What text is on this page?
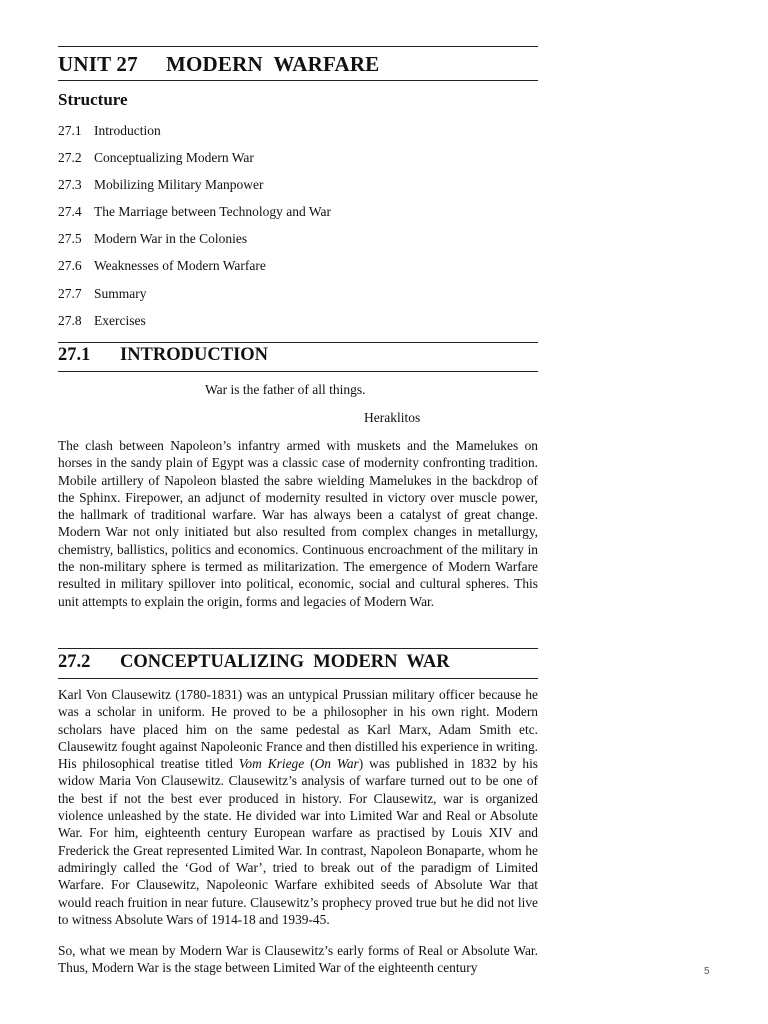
UNIT 27 MODERN  WARFARE
Structure
27.1 Introduction
27.2 Conceptualizing Modern War
27.3 Mobilizing Military Manpower
27.4 The Marriage between Technology and War
27.5 Modern War in the Colonies
27.6 Weaknesses of Modern Warfare
27.7 Summary
27.8 Exercises
27.1 INTRODUCTION
War is the father of all things.
Heraklitos

The clash between Napoleon’s infantry armed with muskets and the Mamelukes on horses in the sandy plain of Egypt was a classic case of modernity confronting tradition. Mobile artillery of Napoleon blasted the sabre wielding Mamelukes in the backdrop of the Sphinx. Firepower, an adjunct of modernity resulted in victory over muscle power, the hallmark of traditional warfare. War has always been a catalyst of great change. Modern War not only initiated but also resulted from complex changes in metallurgy, chemistry, ballistics, politics and economics. Continuous encroachment of the military in the non-military sphere is termed as militarization. The emergence of Modern Warfare resulted in military spillover into political, economic, social and cultural spheres. This unit attempts to explain the origin, forms and legacies of Modern War.

27.2 CONCEPTUALIZING  MODERN  WAR

Karl Von Clausewitz (1780-1831) was an untypical Prussian military officer because he was a scholar in uniform. He proved to be a philosopher in his own right. Modern scholars have placed him on the same pedestal as Karl Marx, Adam Smith etc. Clausewitz fought against Napoleonic France and then distilled his experience in writing. His philosophical treatise titled Vom Kriege (On War) was published in 1832 by his widow Maria Von Clausewitz. Clausewitz’s analysis of warfare turned out to be one of the best if not the best ever produced in history. For Clausewitz, war is organized violence unleashed by the state. He divided war into Limited War and Real or Absolute War. For him, eighteenth century European warfare as practised by Louis XIV and Frederick the Great represented Limited War. In contrast, Napoleon Bonaparte, whom he admiringly called the ‘God of War’, tried to break out of the paradigm of Limited Warfare. For Clausewitz, Napoleonic Warfare exhibited seeds of Absolute War that would reach fruition in near future. Clausewitz’s prophecy proved true but he did not live to witness Absolute Wars of 1914-18 and 1939-45.

So, what we mean by Modern War is Clausewitz’s early forms of Real or Absolute War. Thus, Modern War is the stage between Limited War of the eighteenth century	5
